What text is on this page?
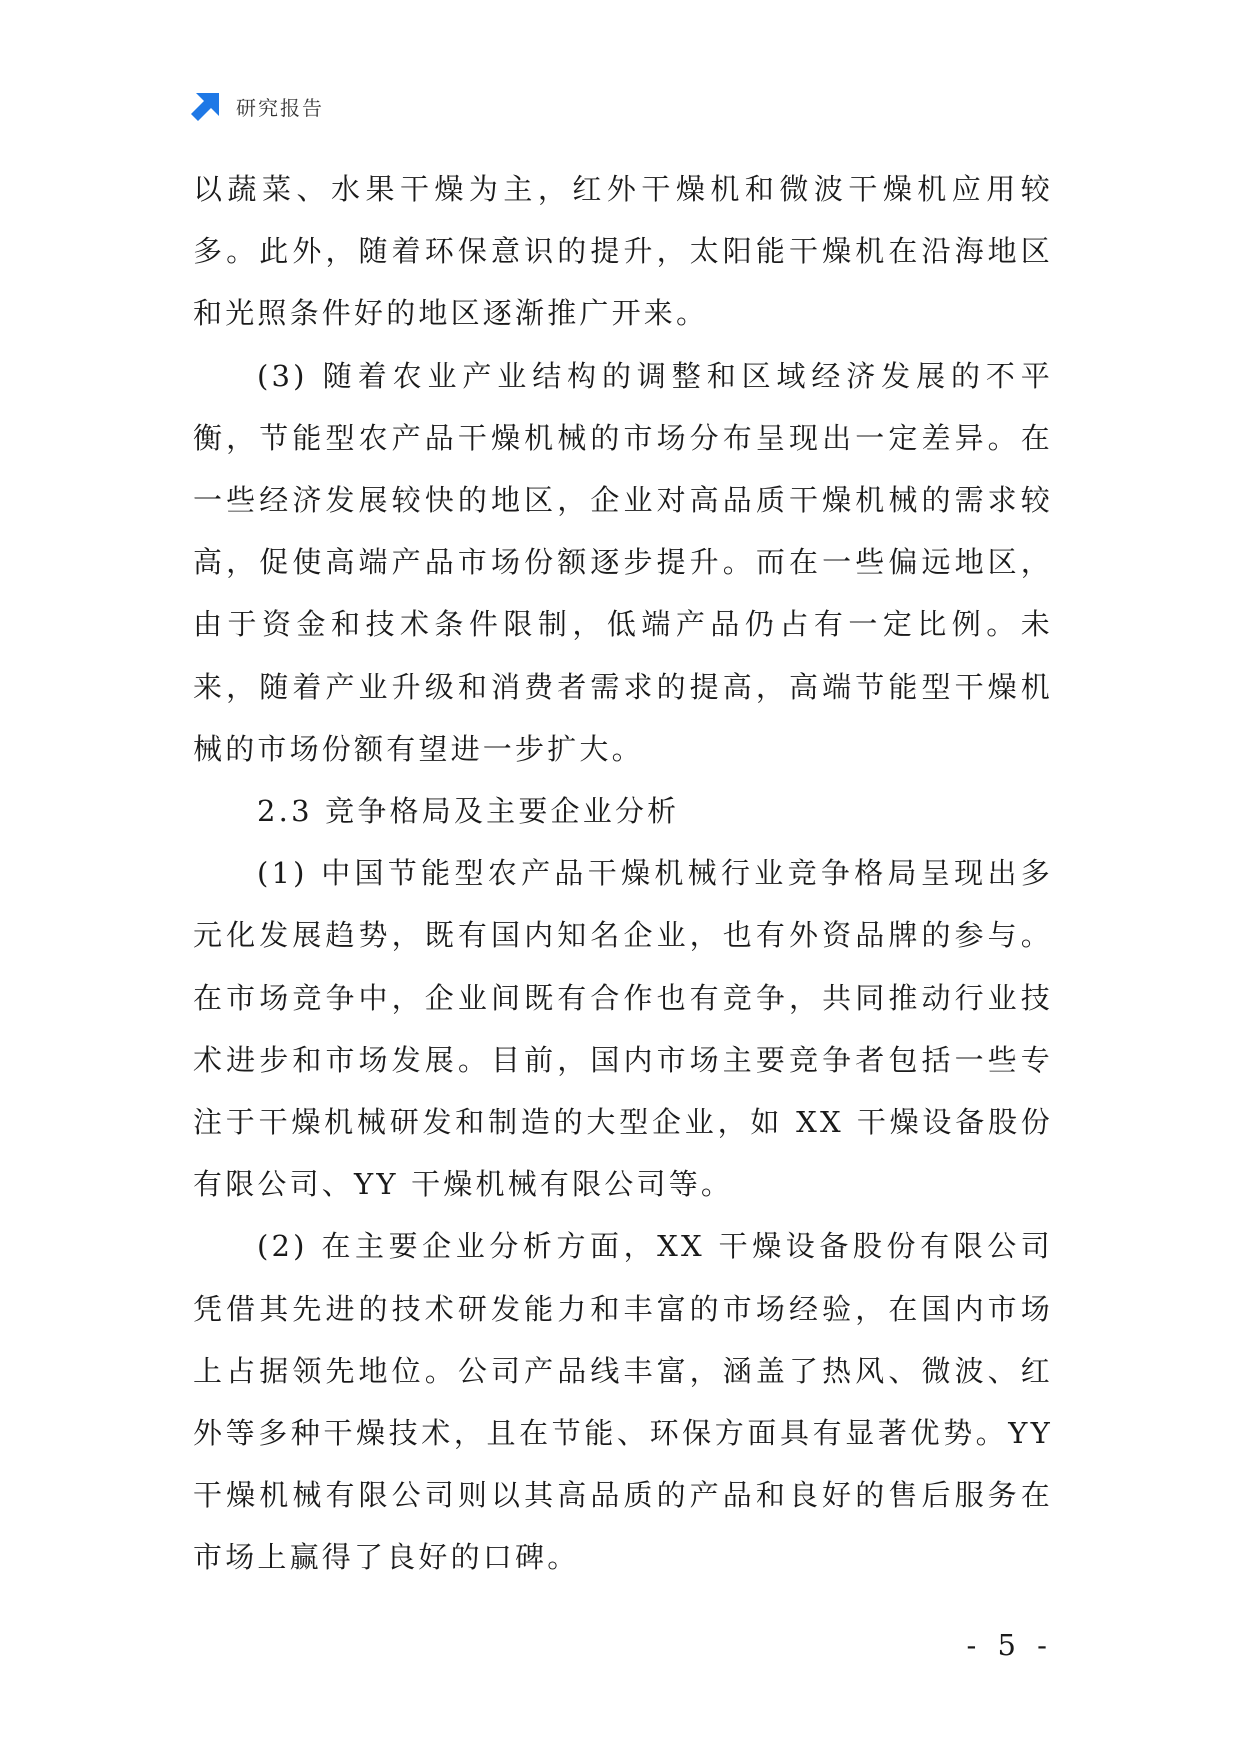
研究报告

以蔬菜、水果干燥为主，红外干燥机和微波干燥机应用较多。此外，随着环保意识的提升，太阳能干燥机在沿海地区和光照条件好的地区逐渐推广开来。

(3) 随着农业产业结构的调整和区域经济发展的不平衡，节能型农产品干燥机械的市场分布呈现出一定差异。在一些经济发展较快的地区，企业对高品质干燥机械的需求较高，促使高端产品市场份额逐步提升。而在一些偏远地区，由于资金和技术条件限制，低端产品仍占有一定比例。未来，随着产业升级和消费者需求的提高，高端节能型干燥机械的市场份额有望进一步扩大。

2.3 竞争格局及主要企业分析

(1) 中国节能型农产品干燥机械行业竞争格局呈现出多元化发展趋势，既有国内知名企业，也有外资品牌的参与。在市场竞争中，企业间既有合作也有竞争，共同推动行业技术进步和市场发展。目前，国内市场主要竞争者包括一些专注于干燥机械研发和制造的大型企业，如 XX 干燥设备股份有限公司、YY 干燥机械有限公司等。

(2) 在主要企业分析方面，XX 干燥设备股份有限公司凭借其先进的技术研发能力和丰富的市场经验，在国内市场上占据领先地位。公司产品线丰富，涵盖了热风、微波、红外等多种干燥技术，且在节能、环保方面具有显著优势。YY 干燥机械有限公司则以其高品质的产品和良好的售后服务在市场上赢得了良好的口碑。

- 5 -
